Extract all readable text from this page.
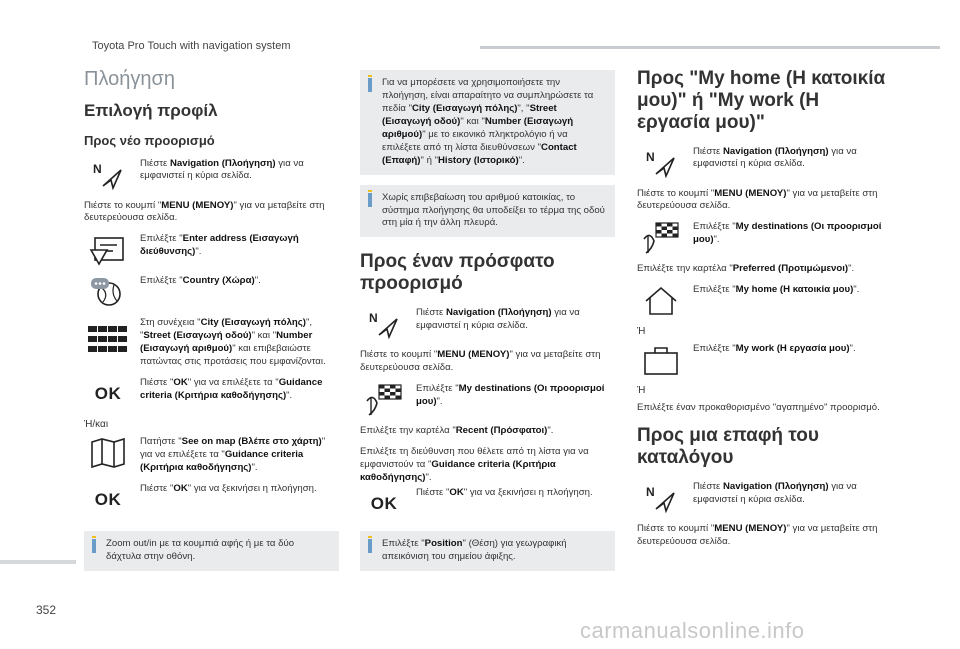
Toyota Pro Touch with navigation system
352
carmanualsonline.info
Πλοήγηση
Επιλογή προφίλ
Προς νέο προορισμό
N	Πιέστε Navigation (Πλοήγηση) για να εμφανιστεί η κύρια σελίδα.
Πιέστε το κουμπί "MENU (ΜΕΝΟΥ)" για να μεταβείτε στη δευτερεύουσα σελίδα.
Επιλέξτε "Enter address (Εισαγωγή διεύθυνσης)".
Επιλέξτε "Country (Χώρα)".
Στη συνέχεια "City (Εισαγωγή πόλης)", "Street (Εισαγωγή οδού)" και "Number (Εισαγωγή αριθμού)" και επιβεβαιώστε πατώντας στις προτάσεις που εμφανίζονται.
OK
Πιέστε "OK" για να επιλέξετε τα "Guidance criteria (Κριτήρια καθοδήγησης)".
Ή/και
Πατήστε "See on map (Βλέπε στο χάρτη)" για να επιλέξετε τα "Guidance criteria (Κριτήρια καθοδήγησης)".
OK
Πιέστε "OK" για να ξεκινήσει η πλοήγηση.
Zoom out/in με τα κουμπιά αφής ή με τα δύο δάχτυλα στην οθόνη.
Για να μπορέσετε να χρησιμοποιήσετε την πλοήγηση, είναι απαραίτητο να συμπληρώσετε τα πεδία "City (Εισαγωγή πόλης)", "Street (Εισαγωγή οδού)" και "Number (Εισαγωγή αριθμού)" με το εικονικό πληκτρολόγιο ή να επιλέξετε από τη λίστα διευθύνσεων "Contact (Επαφή)" ή "History (Ιστορικό)".
Χωρίς επιβεβαίωση του αριθμού κατοικίας, το σύστημα πλοήγησης θα υποδείξει το τέρμα της οδού στη μία ή την άλλη πλευρά.
Προς έναν πρόσφατο προορισμό
N	Πιέστε Navigation (Πλοήγηση) για να εμφανιστεί η κύρια σελίδα.
Πιέστε το κουμπί "MENU (ΜΕΝΟΥ)" για να μεταβείτε στη δευτερεύουσα σελίδα.
Επιλέξτε "My destinations (Οι προορισμοί μου)".
Επιλέξτε την καρτέλα "Recent (Πρόσφατοι)".
Επιλέξτε τη διεύθυνση που θέλετε από τη λίστα για να εμφανιστούν τα "Guidance criteria (Κριτήρια καθοδήγησης)".
OK
Πιέστε "OK" για να ξεκινήσει η πλοήγηση.
Επιλέξτε "Position" (Θέση) για γεωγραφική απεικόνιση του σημείου άφιξης.
Προς "My home (Η κατοικία μου)" ή "My work (Η εργασία μου)"
N	Πιέστε Navigation (Πλοήγηση) για να εμφανιστεί η κύρια σελίδα.
Πιέστε το κουμπί "MENU (ΜΕΝΟΥ)" για να μεταβείτε στη δευτερεύουσα σελίδα.
Επιλέξτε "My destinations (Οι προορισμοί μου)".
Επιλέξτε την καρτέλα "Preferred (Προτιμώμενοι)".
Επιλέξτε "My home (Η κατοικία μου)".
Ή
Επιλέξτε "My work (Η εργασία μου)".
Ή
Επιλέξτε έναν προκαθορισμένο "αγαπημένο" προορισμό.
Προς μια επαφή του καταλόγου
N	Πιέστε Navigation (Πλοήγηση) για να εμφανιστεί η κύρια σελίδα.
Πιέστε το κουμπί "MENU (ΜΕΝΟΥ)" για να μεταβείτε στη δευτερεύουσα σελίδα.
